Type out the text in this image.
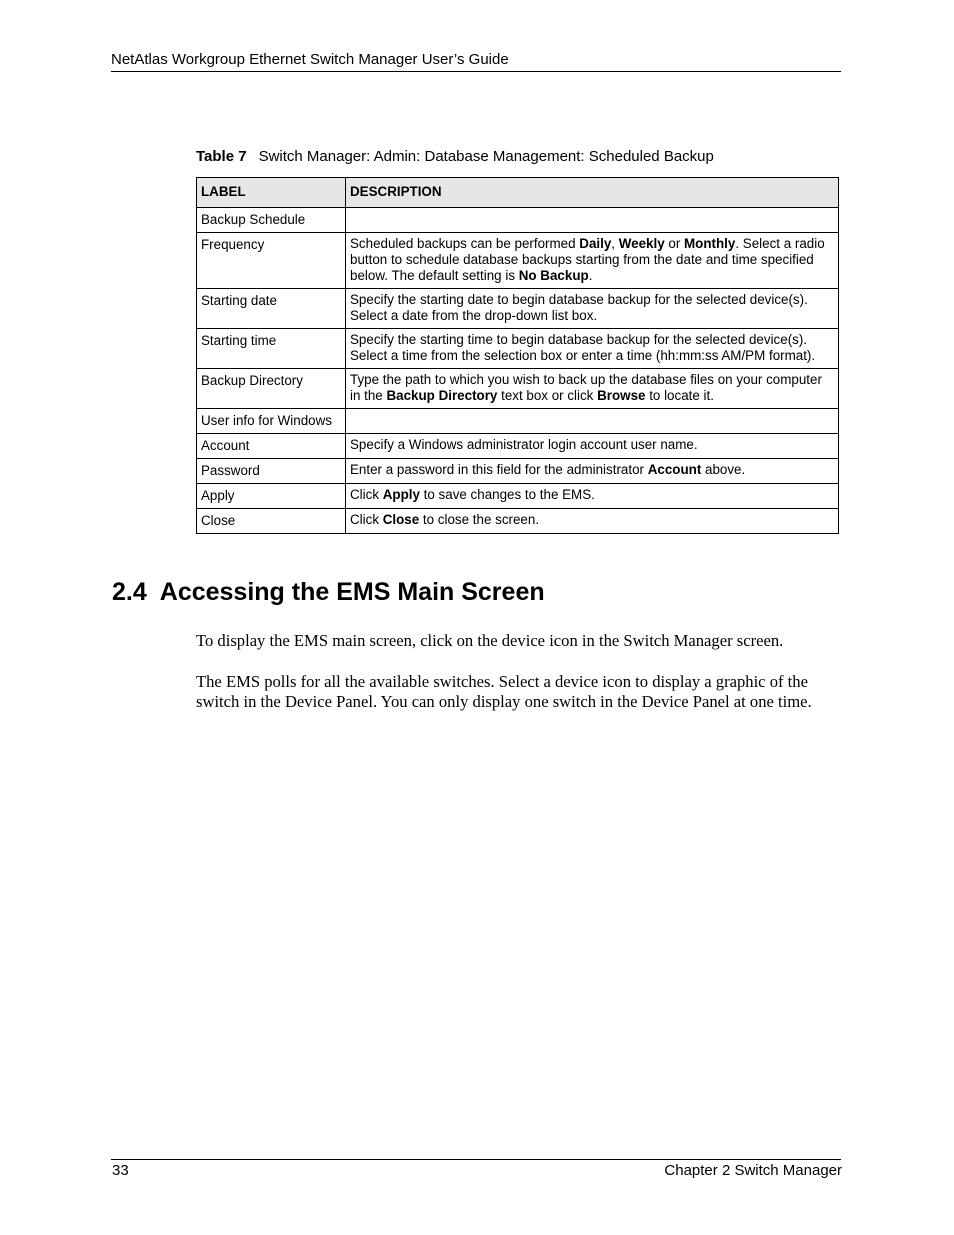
NetAtlas Workgroup Ethernet Switch Manager User’s Guide
Table 7 Switch Manager: Admin: Database Management: Scheduled Backup
LABEL	DESCRIPTION
Backup Schedule	
Frequency	Scheduled backups can be performed Daily, Weekly or Monthly. Select a radio button to schedule database backups starting from the date and time specified below. The default setting is No Backup.
Starting date	Specify the starting date to begin database backup for the selected device(s). Select a date from the drop-down list box.
Starting time	Specify the starting time to begin database backup for the selected device(s). Select a time from the selection box or enter a time (hh:mm:ss AM/PM format).
Backup Directory	Type the path to which you wish to back up the database files on your computer in the Backup Directory text box or click Browse to locate it.
User info for Windows	
Account	Specify a Windows administrator login account user name.
Password	Enter a password in this field for the administrator Account above.
Apply	Click Apply to save changes to the EMS.
Close	Click Close to close the screen.
2.4 Accessing the EMS Main Screen
To display the EMS main screen, click on the device icon in the Switch Manager screen.
The EMS polls for all the available switches. Select a device icon to display a graphic of the switch in the Device Panel. You can only display one switch in the Device Panel at one time.
33	Chapter 2 Switch Manager
